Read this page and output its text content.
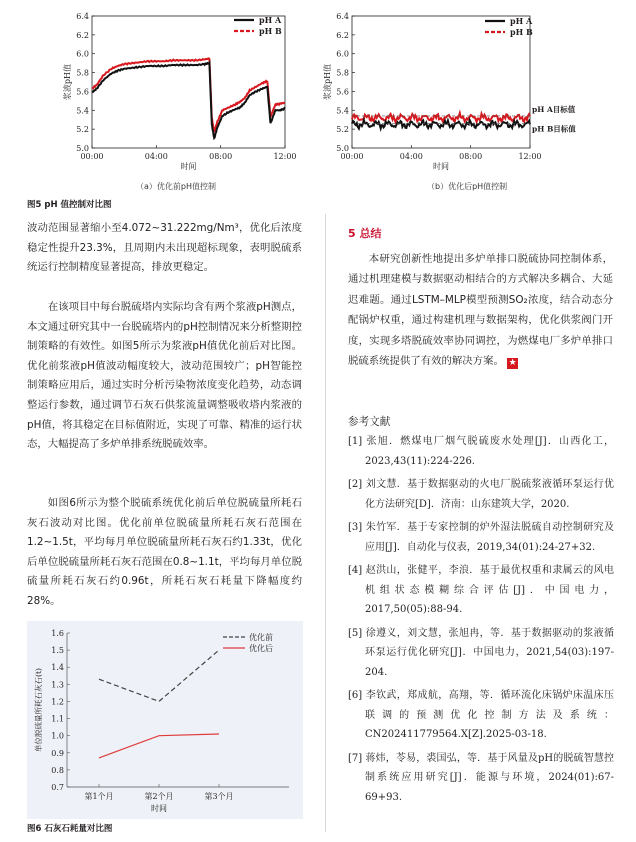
5.0
5.2
5.4
5.6
5.8
6.0
6.2
6.4
00:00	04:00	08:00	12:00
时间
浆液pH值
pH A
pH B
（a）优化前pH值控制
5.0
5.2
5.4
5.6
5.8
6.0
6.2
6.4
00:00	04:00	08:00	12:00
时间
浆液pH值
pH A
pH B
pH A目标值
pH B目标值
（b）优化后pH值控制
图5 pH 值控制对比图

波动范围显著缩小至4.072~31.222mg/Nm³，优化后浓度稳定性提升23.3%，且周期内未出现超标现象，表明脱硫系统运行控制精度显著提高，排放更稳定。

在该项目中每台脱硫塔内实际均含有两个浆液pH测点，本文通过研究其中一台脱硫塔内的pH控制情况来分析整期控制策略的有效性。如图5所示为浆液pH值优化前后对比图。优化前浆液pH值波动幅度较大，波动范围较广；pH智能控制策略应用后，通过实时分析污染物浓度变化趋势，动态调整运行参数，通过调节石灰石供浆流量调整吸收塔内浆液的pH值，将其稳定在目标值附近，实现了可靠、精准的运行状态，大幅提高了多炉单排系统脱硫效率。

如图6所示为整个脱硫系统优化前后单位脱硫量所耗石灰石波动对比图。优化前单位脱硫量所耗石灰石范围在1.2~1.5t，平均每月单位脱硫量所耗石灰石约1.33t，优化后单位脱硫量所耗石灰石范围在0.8~1.1t，平均每月单位脱硫量所耗石灰石约0.96t，所耗石灰石耗量下降幅度约28%。

0.7
0.8
0.9
1.0
1.1
1.2
1.3
1.4
1.5
1.6
第1个月	第2个月	第3个月
时间
单位脱硫量所耗石灰石(t)
优化前
优化后
图6 石灰石耗量对比图
5 总结

本研究创新性地提出多炉单排口脱硫协同控制体系，通过机理建模与数据驱动相结合的方式解决多耦合、大延迟难题。通过LSTM–MLP模型预测SO₂浓度，结合动态分配锅炉权重，通过构建机理与数据架构，优化供浆阀门开度，实现多塔脱硫效率协同调控，为燃煤电厂多炉单排口脱硫系统提供了有效的解决方案。 ★

参考文献
[1] 张旭．燃煤电厂烟气脱硫废水处理[J]．山西化工，2023,43(11):224-226.
[2] 刘文慧．基于数据驱动的火电厂脱硫浆液循环泵运行优化方法研究[D]．济南：山东建筑大学，2020.
[3] 朱竹军．基于专家控制的炉外湿法脱硫自动控制研究及应用[J]．自动化与仪表，2019,34(01):24-27+32.
[4] 赵洪山，张健平，李浪．基于最优权重和隶属云的风电机组状态模糊综合评估[J]．中国电力，2017,50(05):88-94.
[5] 徐遵义，刘文慧，张旭冉，等．基于数据驱动的浆液循环泵运行优化研究[J]．中国电力，2021,54(03):197-204.
[6] 李钦武，郑成航，高翔，等．循环流化床锅炉床温床压联调的预测优化控制方法及系统：CN202411779564.X[Z].2025-03-18.
[7] 蒋炜，苓易，裘国弘，等．基于风量及pH的脱硫智慧控制系统应用研究[J]．能源与环境，2024(01):67-69+93.
